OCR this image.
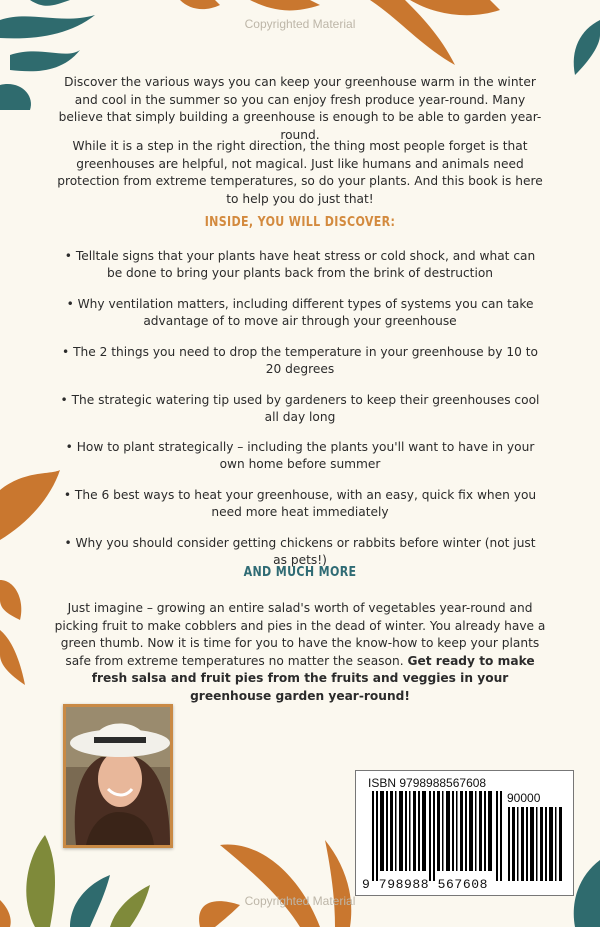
Copyrighted Material
Discover the various ways you can keep your greenhouse warm in the winter and cool in the summer so you can enjoy fresh produce year-round. Many believe that simply building a greenhouse is enough to be able to garden year-round.
While it is a step in the right direction, the thing most people forget is that greenhouses are helpful, not magical. Just like humans and animals need protection from extreme temperatures, so do your plants. And this book is here to help you do just that!
INSIDE, YOU WILL DISCOVER:
• Telltale signs that your plants have heat stress or cold shock, and what can be done to bring your plants back from the brink of destruction
• Why ventilation matters, including different types of systems you can take advantage of to move air through your greenhouse
• The 2 things you need to drop the temperature in your greenhouse by 10 to 20 degrees
• The strategic watering tip used by gardeners to keep their greenhouses cool all day long
• How to plant strategically – including the plants you'll want to have in your own home before summer
• The 6 best ways to heat your greenhouse, with an easy, quick fix when you need more heat immediately
• Why you should consider getting chickens or rabbits before winter (not just as pets!)
AND MUCH MORE
Just imagine – growing an entire salad's worth of vegetables year-round and picking fruit to make cobblers and pies in the dead of winter. You already have a green thumb. Now it is time for you to have the know-how to keep your plants safe from extreme temperatures no matter the season. Get ready to make fresh salsa and fruit pies from the fruits and veggies in your greenhouse garden year-round!
ISBN 9798988567608
90000
9 798988 567608
Copyrighted Material
